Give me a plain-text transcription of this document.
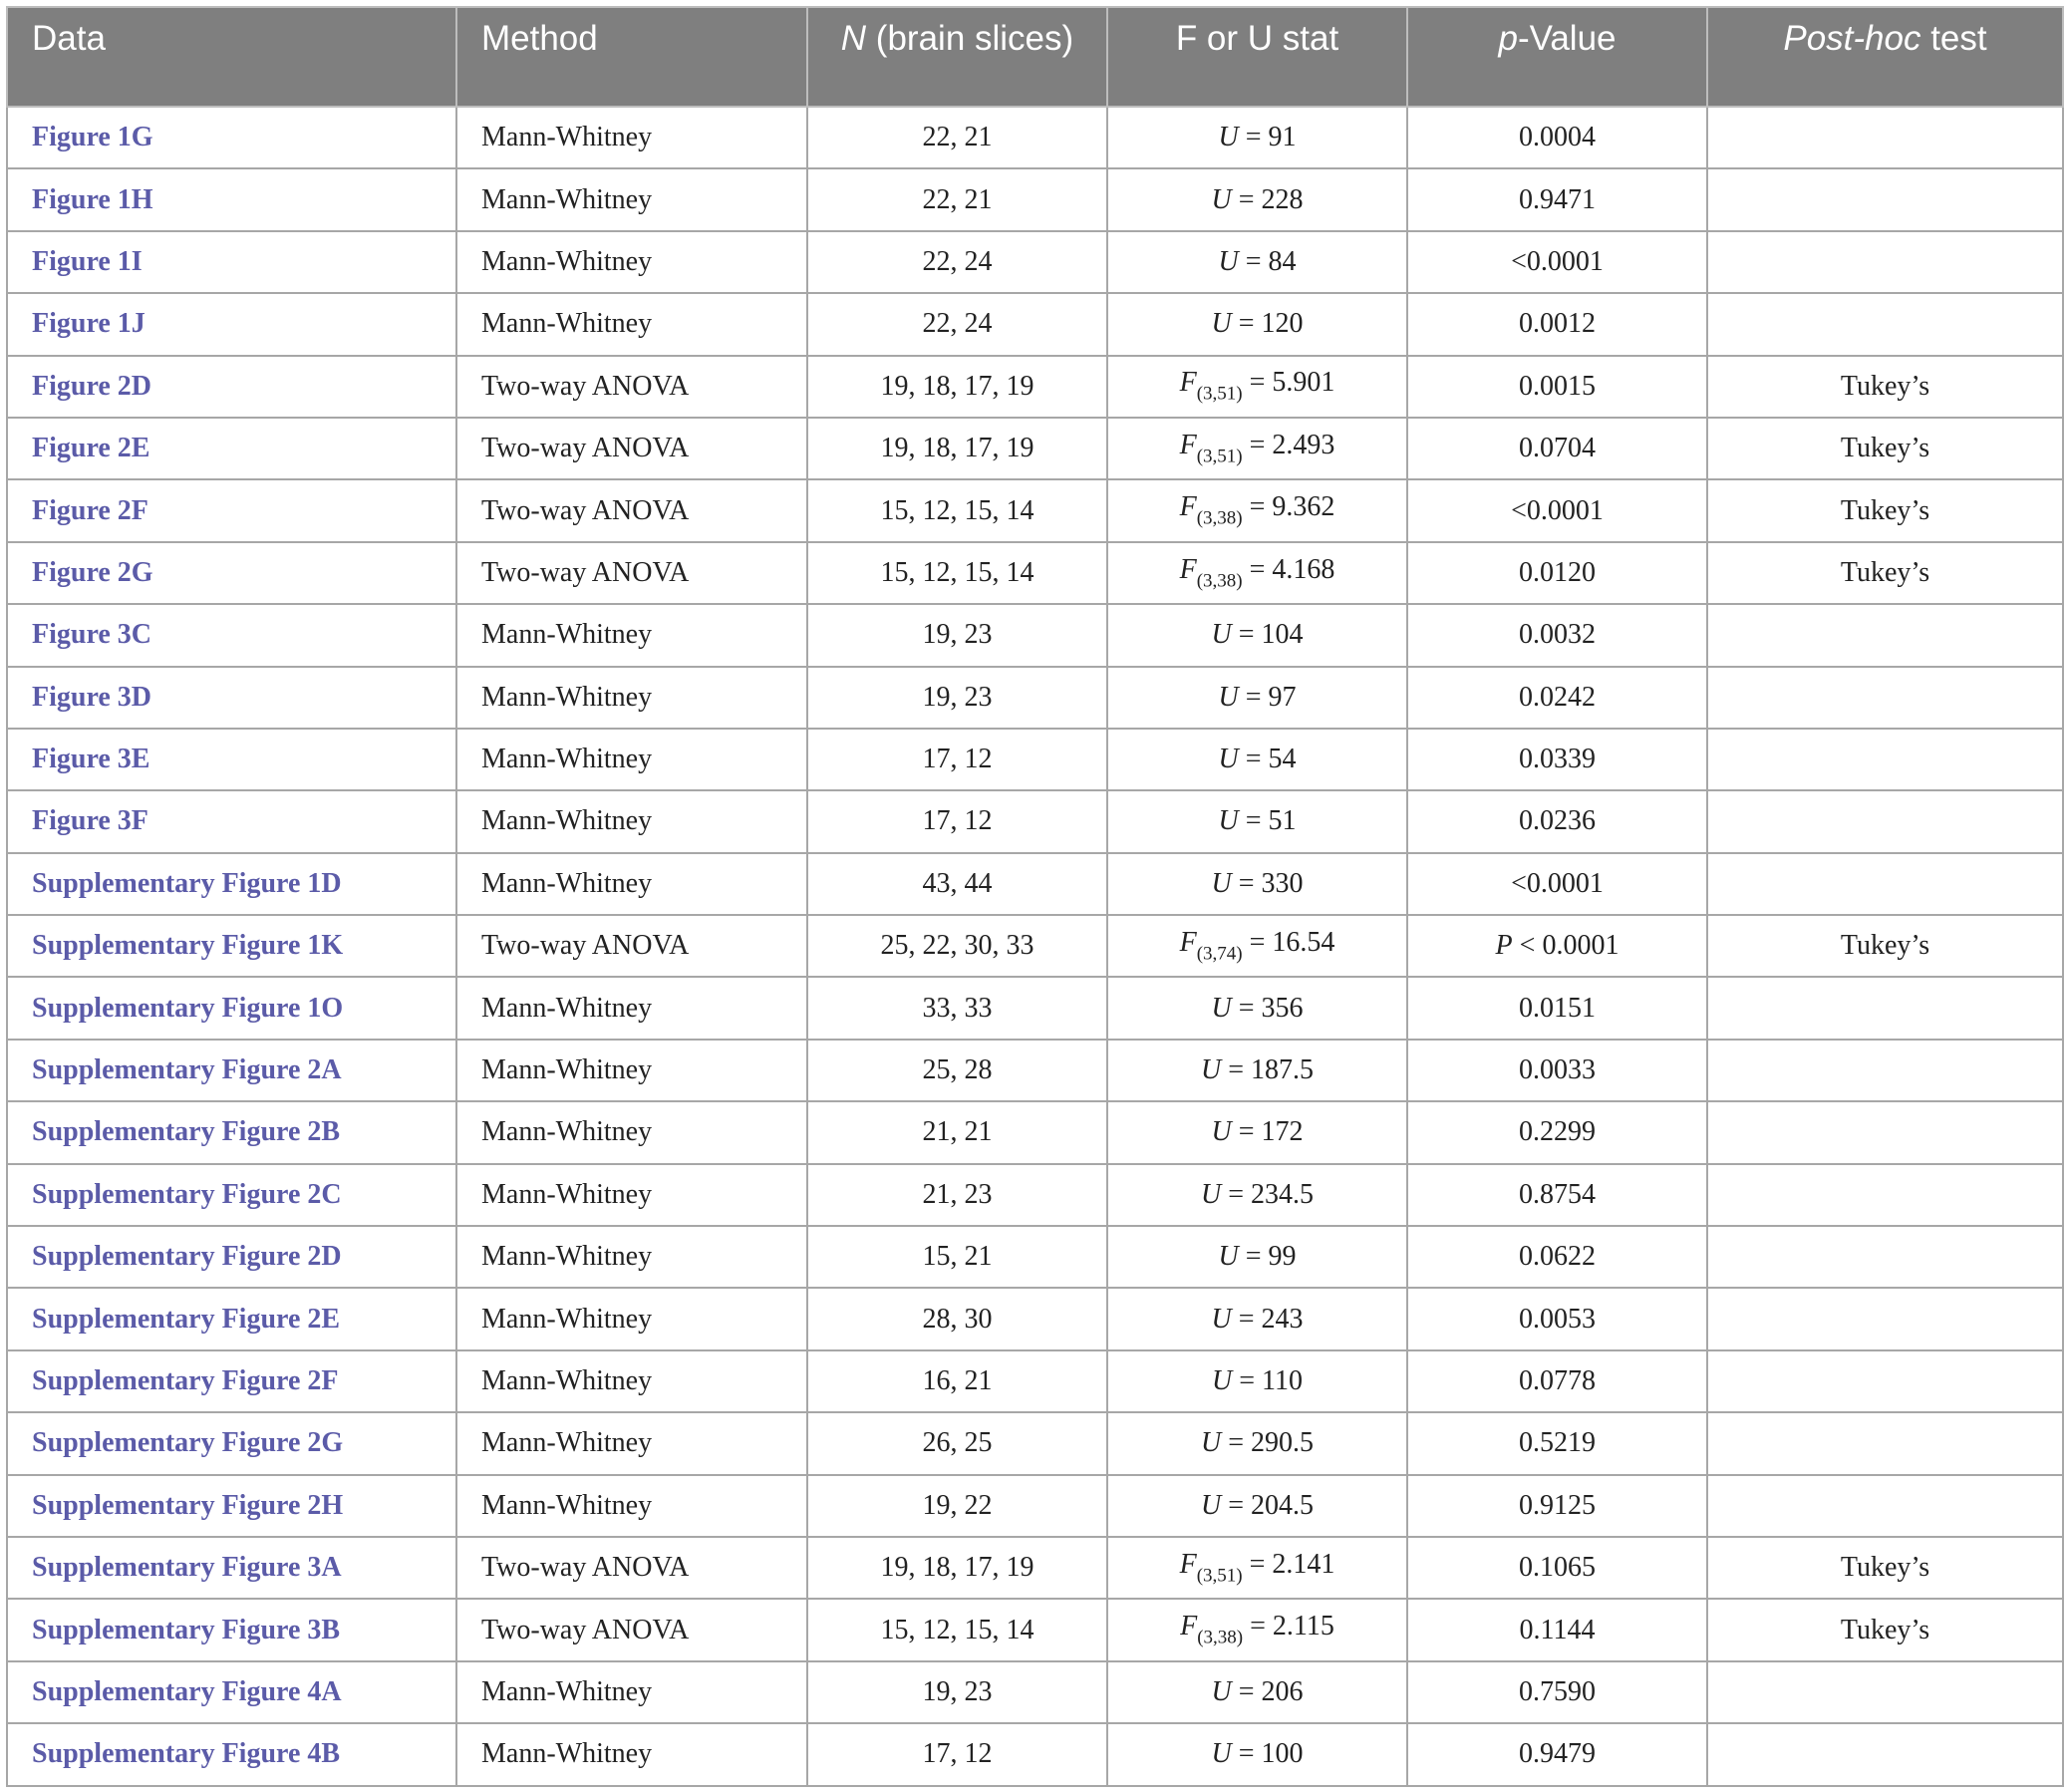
Data	Method	N (brain slices)	F or U stat	p-Value	Post-hoc test
Figure 1G	Mann-Whitney	22, 21	U = 91	0.0004	
Figure 1H	Mann-Whitney	22, 21	U = 228	0.9471	
Figure 1I	Mann-Whitney	22, 24	U = 84	<0.0001	
Figure 1J	Mann-Whitney	22, 24	U = 120	0.0012	
Figure 2D	Two-way ANOVA	19, 18, 17, 19	$F_{(3,51)} = 5.901$	0.0015	Tukey’s
Figure 2E	Two-way ANOVA	19, 18, 17, 19	$F_{(3,51)} = 2.493$	0.0704	Tukey’s
Figure 2F	Two-way ANOVA	15, 12, 15, 14	$F_{(3,38)} = 9.362$	<0.0001	Tukey’s
Figure 2G	Two-way ANOVA	15, 12, 15, 14	$F_{(3,38)} = 4.168$	0.0120	Tukey’s
Figure 3C	Mann-Whitney	19, 23	U = 104	0.0032	
Figure 3D	Mann-Whitney	19, 23	U = 97	0.0242	
Figure 3E	Mann-Whitney	17, 12	U = 54	0.0339	
Figure 3F	Mann-Whitney	17, 12	U = 51	0.0236	
Supplementary Figure 1D	Mann-Whitney	43, 44	U = 330	<0.0001	
Supplementary Figure 1K	Two-way ANOVA	25, 22, 30, 33	$F_{(3,74)} = 16.54$	P < 0.0001	Tukey’s
Supplementary Figure 1O	Mann-Whitney	33, 33	U = 356	0.0151	
Supplementary Figure 2A	Mann-Whitney	25, 28	U = 187.5	0.0033	
Supplementary Figure 2B	Mann-Whitney	21, 21	U = 172	0.2299	
Supplementary Figure 2C	Mann-Whitney	21, 23	U = 234.5	0.8754	
Supplementary Figure 2D	Mann-Whitney	15, 21	U = 99	0.0622	
Supplementary Figure 2E	Mann-Whitney	28, 30	U = 243	0.0053	
Supplementary Figure 2F	Mann-Whitney	16, 21	U = 110	0.0778	
Supplementary Figure 2G	Mann-Whitney	26, 25	U = 290.5	0.5219	
Supplementary Figure 2H	Mann-Whitney	19, 22	U = 204.5	0.9125	
Supplementary Figure 3A	Two-way ANOVA	19, 18, 17, 19	$F_{(3,51)} = 2.141$	0.1065	Tukey’s
Supplementary Figure 3B	Two-way ANOVA	15, 12, 15, 14	$F_{(3,38)} = 2.115$	0.1144	Tukey’s
Supplementary Figure 4A	Mann-Whitney	19, 23	U = 206	0.7590	
Supplementary Figure 4B	Mann-Whitney	17, 12	U = 100	0.9479	
